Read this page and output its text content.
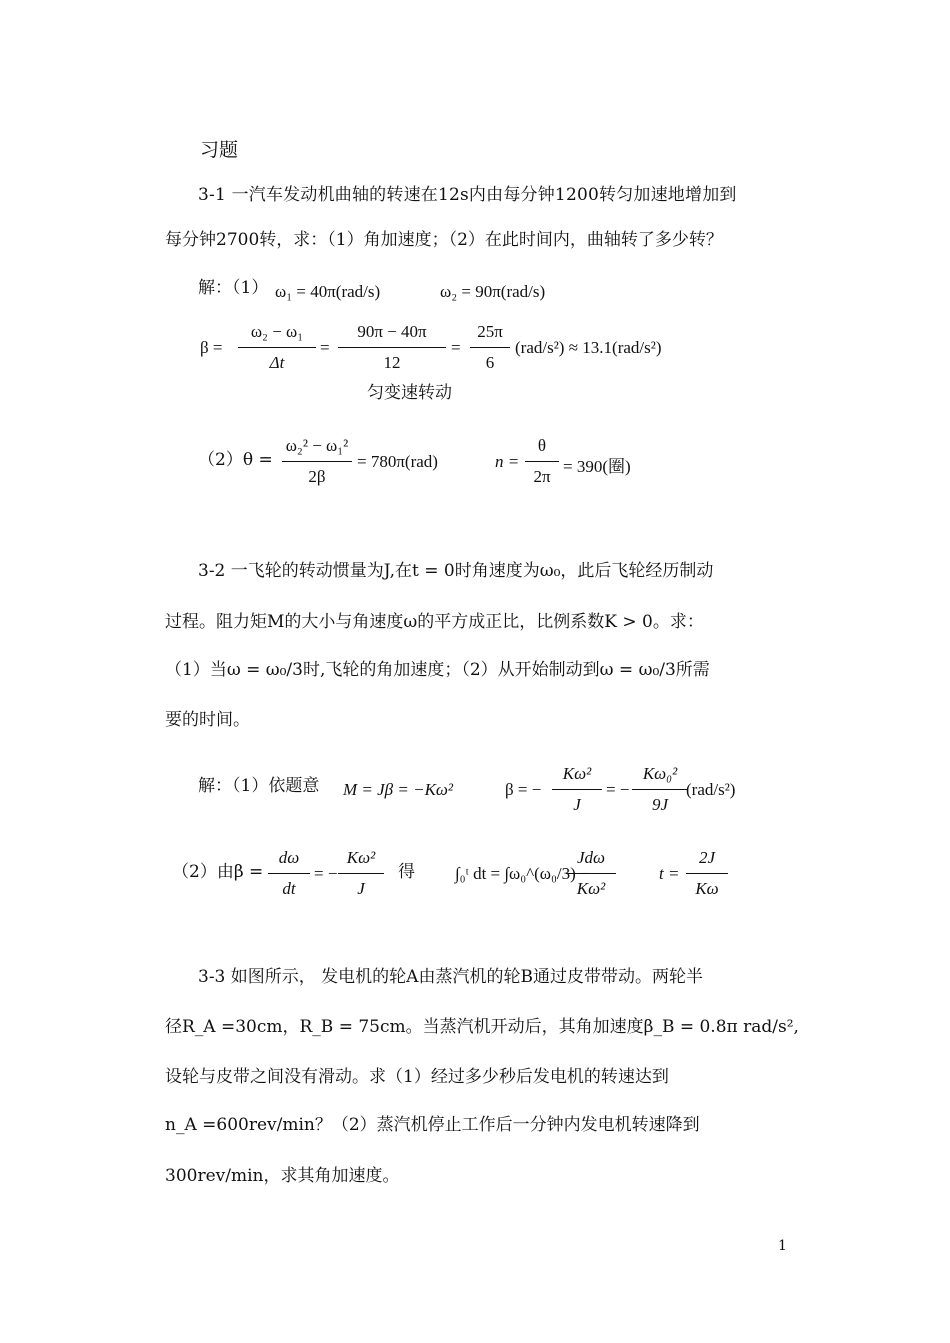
习题
3-1 一汽车发动机曲轴的转速在12s内由每分钟1200转匀加速地增加到
每分钟2700转，求：（1）角加速度；（2）在此时间内，曲轴转了多少转？
解：（1） ω₁ = 40π(rad/s)	ω₂ = 90π(rad/s)
β =
ω₂ − ω₁
Δt
=
90π − 40π
12
=
25π
6
(rad/s²) ≈ 13.1(rad/s²)
匀变速转动
（2）θ =
ω₂² − ω₁²
2β
= 780π(rad)	n =
θ
2π
= 390(圈)
3-2 一飞轮的转动惯量为J,在t = 0时角速度为ω₀，此后飞轮经历制动
过程。阻力矩M的大小与角速度ω的平方成正比，比例系数K > 0。求：
（1）当ω = ω₀/3时,飞轮的角加速度；（2）从开始制动到ω = ω₀/3所需
要的时间。
解：（1）依题意 M = Jβ = −Kω²	β = −
Kω²
J
= −
Kω₀²
9J
(rad/s²)
（2）由β =
dω
dt
= −
Kω²
J
得 ∫₀ᵗ dt = ∫ω₀^(ω₀/3) −
Jdω
Kω²
t =
2J
Kω
3-3 如图所示， 发电机的轮A由蒸汽机的轮B通过皮带带动。两轮半
径R_A =30cm，R_B = 75cm。当蒸汽机开动后，其角加速度β_B = 0.8π rad/s²,
设轮与皮带之间没有滑动。求（1）经过多少秒后发电机的转速达到
n_A =600rev/min？（2）蒸汽机停止工作后一分钟内发电机转速降到
300rev/min，求其角加速度。
1
